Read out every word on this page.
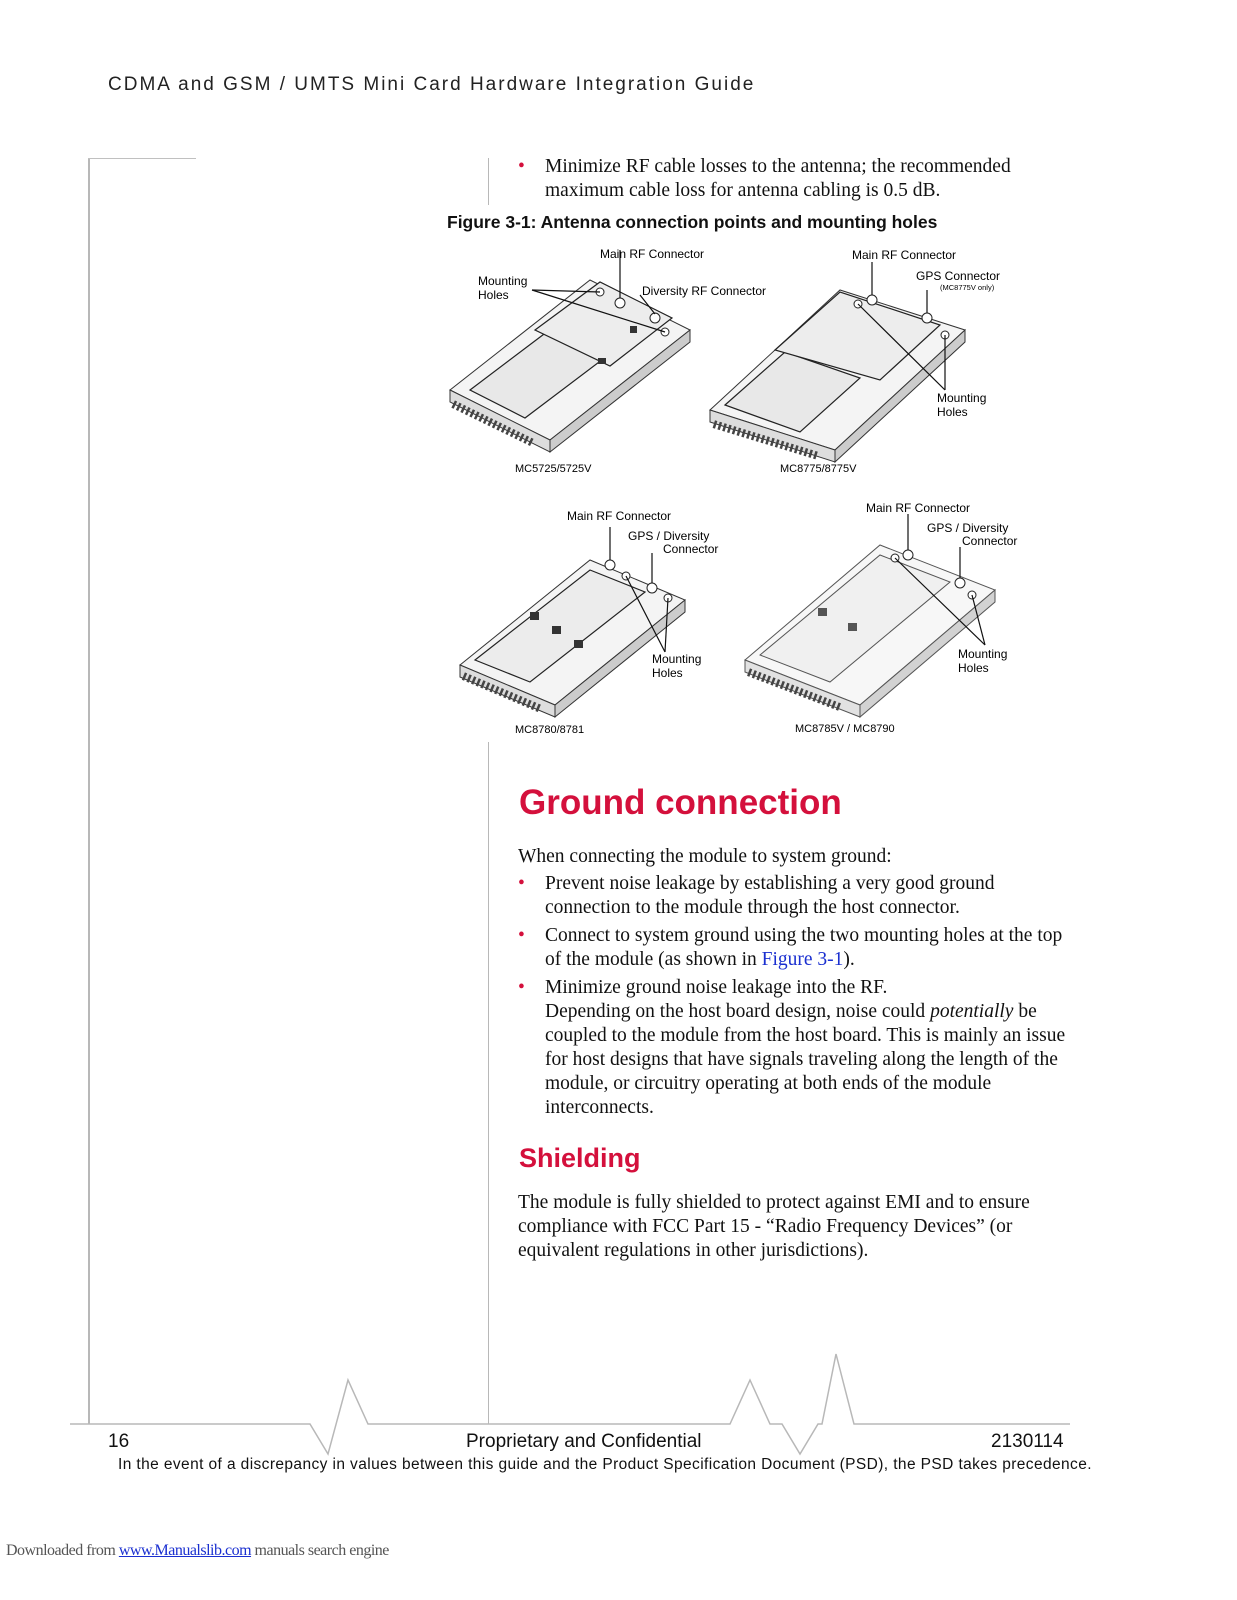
CDMA and GSM / UMTS Mini Card Hardware Integration Guide
• Minimize RF cable losses to the antenna; the recommended maximum cable loss for antenna cabling is 0.5 dB.
Figure 3-1: Antenna connection points and mounting holes
Main RF Connector
Mounting
Holes	Diversity RF Connector
MC5725/5725V
Main RF Connector
GPS Connector
(MC8775V only)
Mounting
Holes
MC8775/8775V
Main RF Connector
GPS / Diversity
Connector
Mounting
Holes
MC8780/8781
Main RF Connector
GPS / Diversity
Connector
Mounting
Holes
MC8785V / MC8790
Ground connection
When connecting the module to system ground:
• Prevent noise leakage by establishing a very good ground connection to the module through the host connector.
• Connect to system ground using the two mounting holes at the top of the module (as shown in Figure 3-1).
• Minimize ground noise leakage into the RF.
Depending on the host board design, noise could potentially be coupled to the module from the host board. This is mainly an issue for host designs that have signals traveling along the length of the module, or circuitry operating at both ends of the module interconnects.
Shielding
The module is fully shielded to protect against EMI and to ensure compliance with FCC Part 15 - “Radio Frequency Devices” (or equivalent regulations in other jurisdictions).
16	Proprietary and Confidential	2130114
In the event of a discrepancy in values between this guide and the Product Specification Document (PSD), the PSD takes precedence.
Downloaded from www.Manualslib.com manuals search engine
